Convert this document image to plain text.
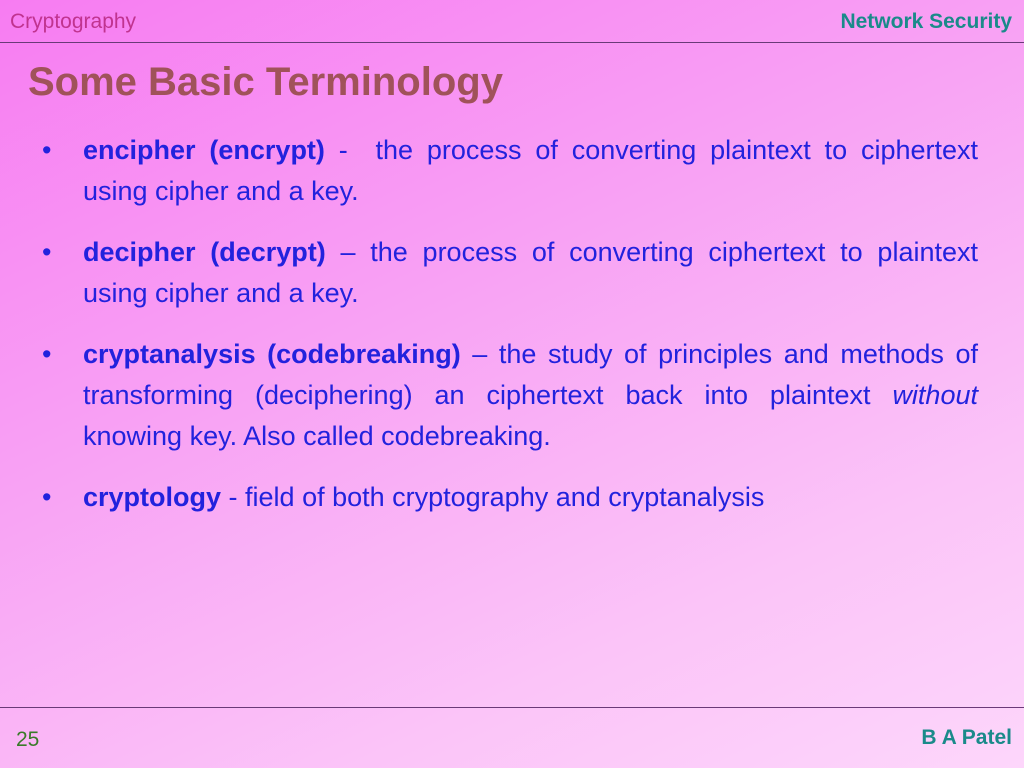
Cryptography	Network Security
Some Basic Terminology
•	encipher (encrypt) -  the process of converting plaintext to ciphertext using cipher and a key.
•	decipher (decrypt) – the process of converting ciphertext to plaintext using cipher and a key.
•	cryptanalysis (codebreaking) – the study of principles and methods of transforming (deciphering) an ciphertext back into plaintext without knowing key. Also called codebreaking.
•	cryptology - field of both cryptography and cryptanalysis
25	B A Patel
